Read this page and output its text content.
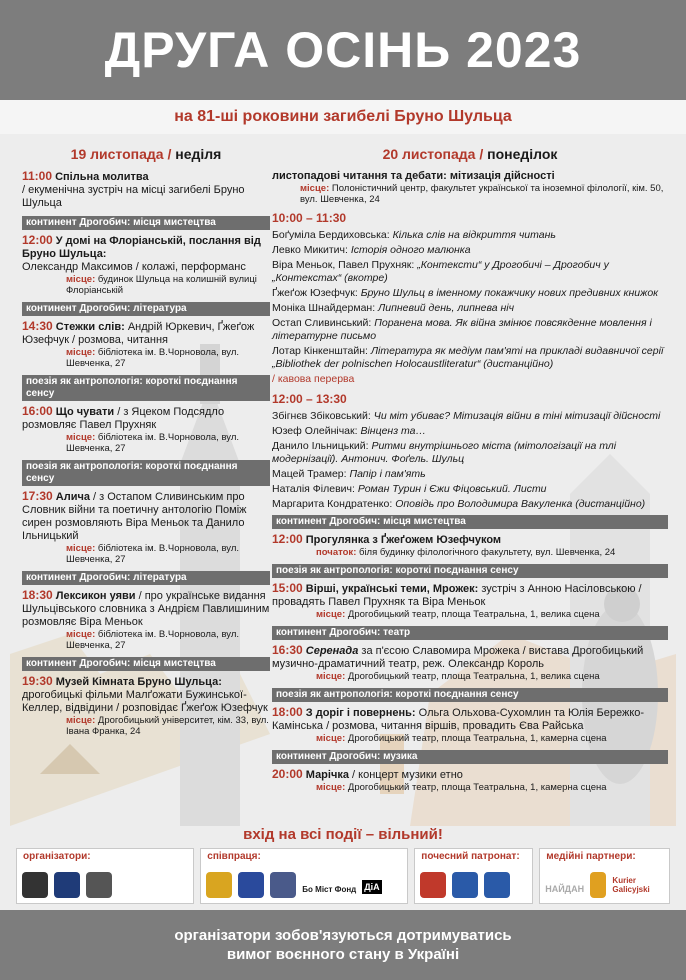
ДРУГА ОСІНЬ 2023
на 81-ші роковини загибелі Бруно Шульца
19 листопада / неділя
11:00 Спільна молитва
/ екуменічна зустріч на місці загибелі Бруно Шульца
континент Дрогобич: місця мистецтва
12:00 У домі на Флоріанській, послання від Бруно Шульца:
Олександр Максимов / колажі, перформанс
місце: будинок Шульца на колишній вулиці Флоріанській
континент Дрогобич: література
14:30 Стежки слів: Андрій Юркевич, Ґжеґож Юзефчук / розмова, читання
місце: бібліотека ім. В.Чорновола, вул. Шевченка, 27
поезія як антропологія: короткі поєднання сенсу
16:00 Що чувати / з Яцеком Подсядло розмовляє Павел Прухняк
місце: бібліотека ім. В.Чорновола, вул. Шевченка, 27
поезія як антропологія: короткі поєднання сенсу
17:30 Алича / з Остапом Сливинським про Словник війни та поетичну антологію Поміж сирен розмовляють Віра Меньок та Данило Ільницький
місце: бібліотека ім. В.Чорновола, вул. Шевченка, 27
континент Дрогобич: література
18:30 Лексикон уяви / про українське видання Шульцівського словника з Андрієм Павлишиним розмовляє Віра Меньок
місце: бібліотека ім. В.Чорновола, вул. Шевченка, 27
континент Дрогобич: місця мистецтва
19:30 Музей Кімната Бруно Шульца: дрогобицькі фільми Малґожати Бужинської-Келлер, відвідини / розповідає Ґжеґож Юзефчук
місце: Дрогобицький університет, кім. 33, вул. Івана Франка, 24
20 листопада / понеділок
листопадові читання та дебати: мітизація дійсності
місце: Полоністичний центр, факультет української та іноземної філології, кім. 50, вул. Шевченка, 24
10:00 – 11:30
Боґуміла Бердиховська: Кілька слів на відкриття читань
Левко Микитич: Історія одного малюнка
Віра Меньок, Павел Прухняк: „Контексти“ у Дрогобичі – Дрогобич у „Контекстах“ (вкотре)
Ґжеґож Юзефчук: Бруно Шульц в іменному покажчику нових предивних книжок
Моніка Шнайдерман: Липневий день, липнева ніч
Остап Сливинський: Поранена мова. Як війна змінює повсякденне мовлення і літературне письмо
Лотар Кінкенштайн: Література як медіум пам'яті на прикладі видавничої серії „Bibliothek der polnischen Holocaustliteratur“ (дистанційно)
/ кавова перерва
12:00 – 13:30
Збігнєв Збіковський: Чи міт убиває? Мітизація війни в тіні мітизації дійсності
Юзеф Олейнічак: Вінценз та…
Данило Ільницький: Ритми внутрішнього міста (мітологізації на тлі модернізації). Антонич. Фоґель. Шульц
Мацей Трамер: Папір і пам'ять
Наталія Філевич: Роман Турин і Єжи Фіцовський. Листи
Маргарита Кондратенко: Оповідь про Володимира Вакуленка (дистанційно)
континент Дрогобич: місця мистецтва
12:00 Прогулянка з Ґжеґожем Юзефчуком
початок: біля будинку філологічного факультету, вул. Шевченка, 24
поезія як антропологія: короткі поєднання сенсу
15:00 Вірші, українські теми, Мрожек: зустріч з Анною Насіловською / провадять Павел Прухняк та Віра Меньок
місце: Дрогобицький театр, площа Театральна, 1, велика сцена
континент Дрогобич: театр
16:30 Серенада за п'єсою Славомира Мрожека / вистава Дрогобицький музично-драматичний театр, реж. Олександр Король
місце: Дрогобицький театр, площа Театральна, 1, велика сцена
поезія як антропологія: короткі поєднання сенсу
18:00 З доріг і повернень: Ольга Ольхова-Сухомлин та Юлія Бережко-Камінська / розмова, читання віршів, провадить Єва Райська
місце: Дрогобицький театр, площа Театральна, 1, камерна сцена
континент Дрогобич: музика
20:00 Марічка / концерт музики етно
місце: Дрогобицький театр, площа Театральна, 1, камерна сцена
вхід на всі події – вільний!
організатори:	співпраця:
Бо Міст Фонд ДіА
почесний патронат:	медійні партнери:
НАЙДАН
Kurier Galicyjski
організатори зобов'язуються дотримуватись
вимог воєнного стану в Україні
